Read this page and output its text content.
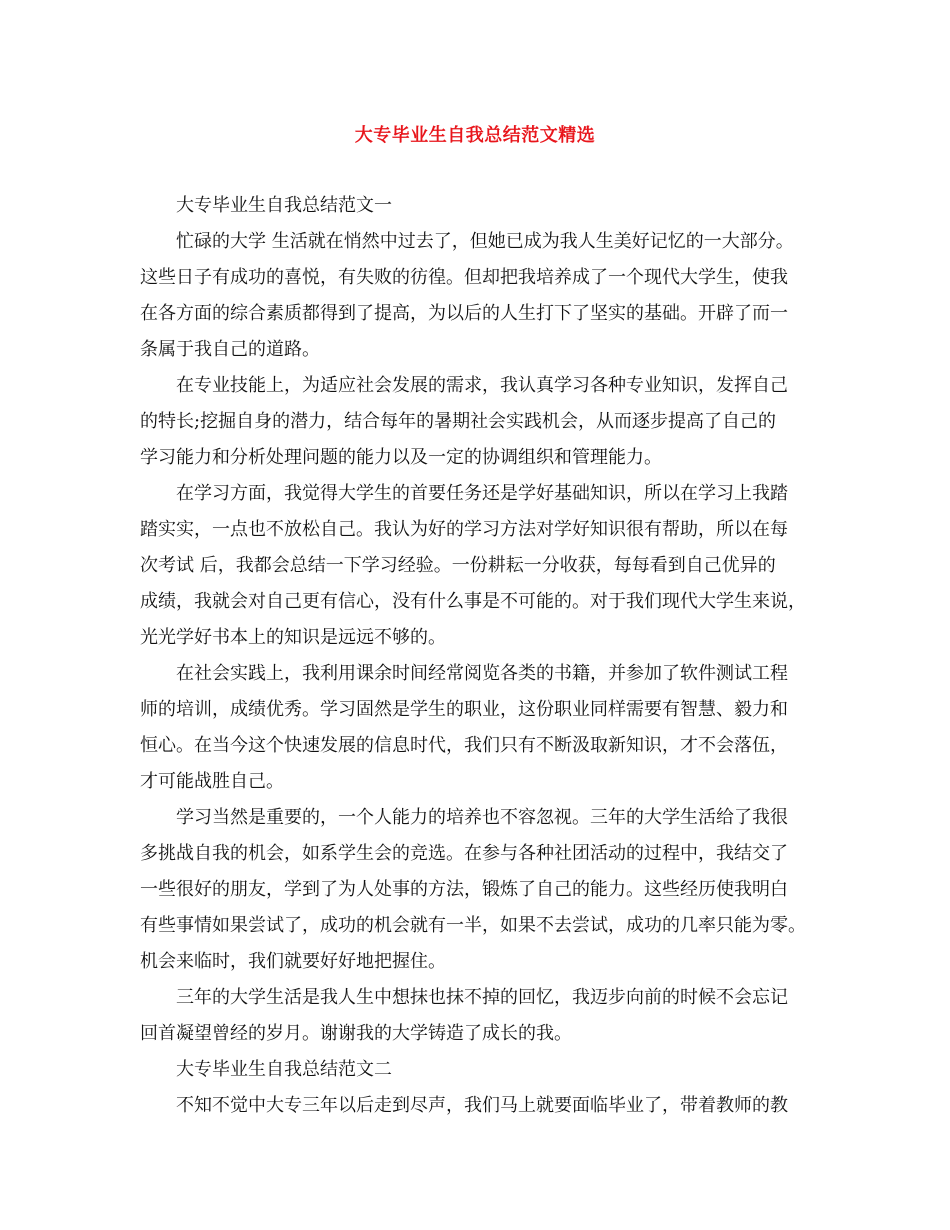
大专毕业生自我总结范文精选
大专毕业生自我总结范文一
忙碌的大学 生活就在悄然中过去了，但她已成为我人生美好记忆的一大部分。
这些日子有成功的喜悦，有失败的彷徨。但却把我培养成了一个现代大学生，使我
在各方面的综合素质都得到了提高，为以后的人生打下了坚实的基础。开辟了而一
条属于我自己的道路。
在专业技能上，为适应社会发展的需求，我认真学习各种专业知识，发挥自己
的特长;挖掘自身的潜力，结合每年的暑期社会实践机会，从而逐步提高了自己的
学习能力和分析处理问题的能力以及一定的协调组织和管理能力。
在学习方面，我觉得大学生的首要任务还是学好基础知识，所以在学习上我踏
踏实实，一点也不放松自己。我认为好的学习方法对学好知识很有帮助，所以在每
次考试 后，我都会总结一下学习经验。一份耕耘一分收获，每每看到自己优异的
成绩，我就会对自己更有信心，没有什么事是不可能的。对于我们现代大学生来说，
光光学好书本上的知识是远远不够的。
在社会实践上，我利用课余时间经常阅览各类的书籍，并参加了软件测试工程
师的培训，成绩优秀。学习固然是学生的职业，这份职业同样需要有智慧、毅力和
恒心。在当今这个快速发展的信息时代，我们只有不断汲取新知识，才不会落伍，
才可能战胜自己。
学习当然是重要的，一个人能力的培养也不容忽视。三年的大学生活给了我很
多挑战自我的机会，如系学生会的竞选。在参与各种社团活动的过程中，我结交了
一些很好的朋友，学到了为人处事的方法，锻炼了自己的能力。这些经历使我明白
有些事情如果尝试了，成功的机会就有一半，如果不去尝试，成功的几率只能为零。
机会来临时，我们就要好好地把握住。
三年的大学生活是我人生中想抹也抹不掉的回忆，我迈步向前的时候不会忘记
回首凝望曾经的岁月。谢谢我的大学铸造了成长的我。
大专毕业生自我总结范文二
不知不觉中大专三年以后走到尽声，我们马上就要面临毕业了，带着教师的教
